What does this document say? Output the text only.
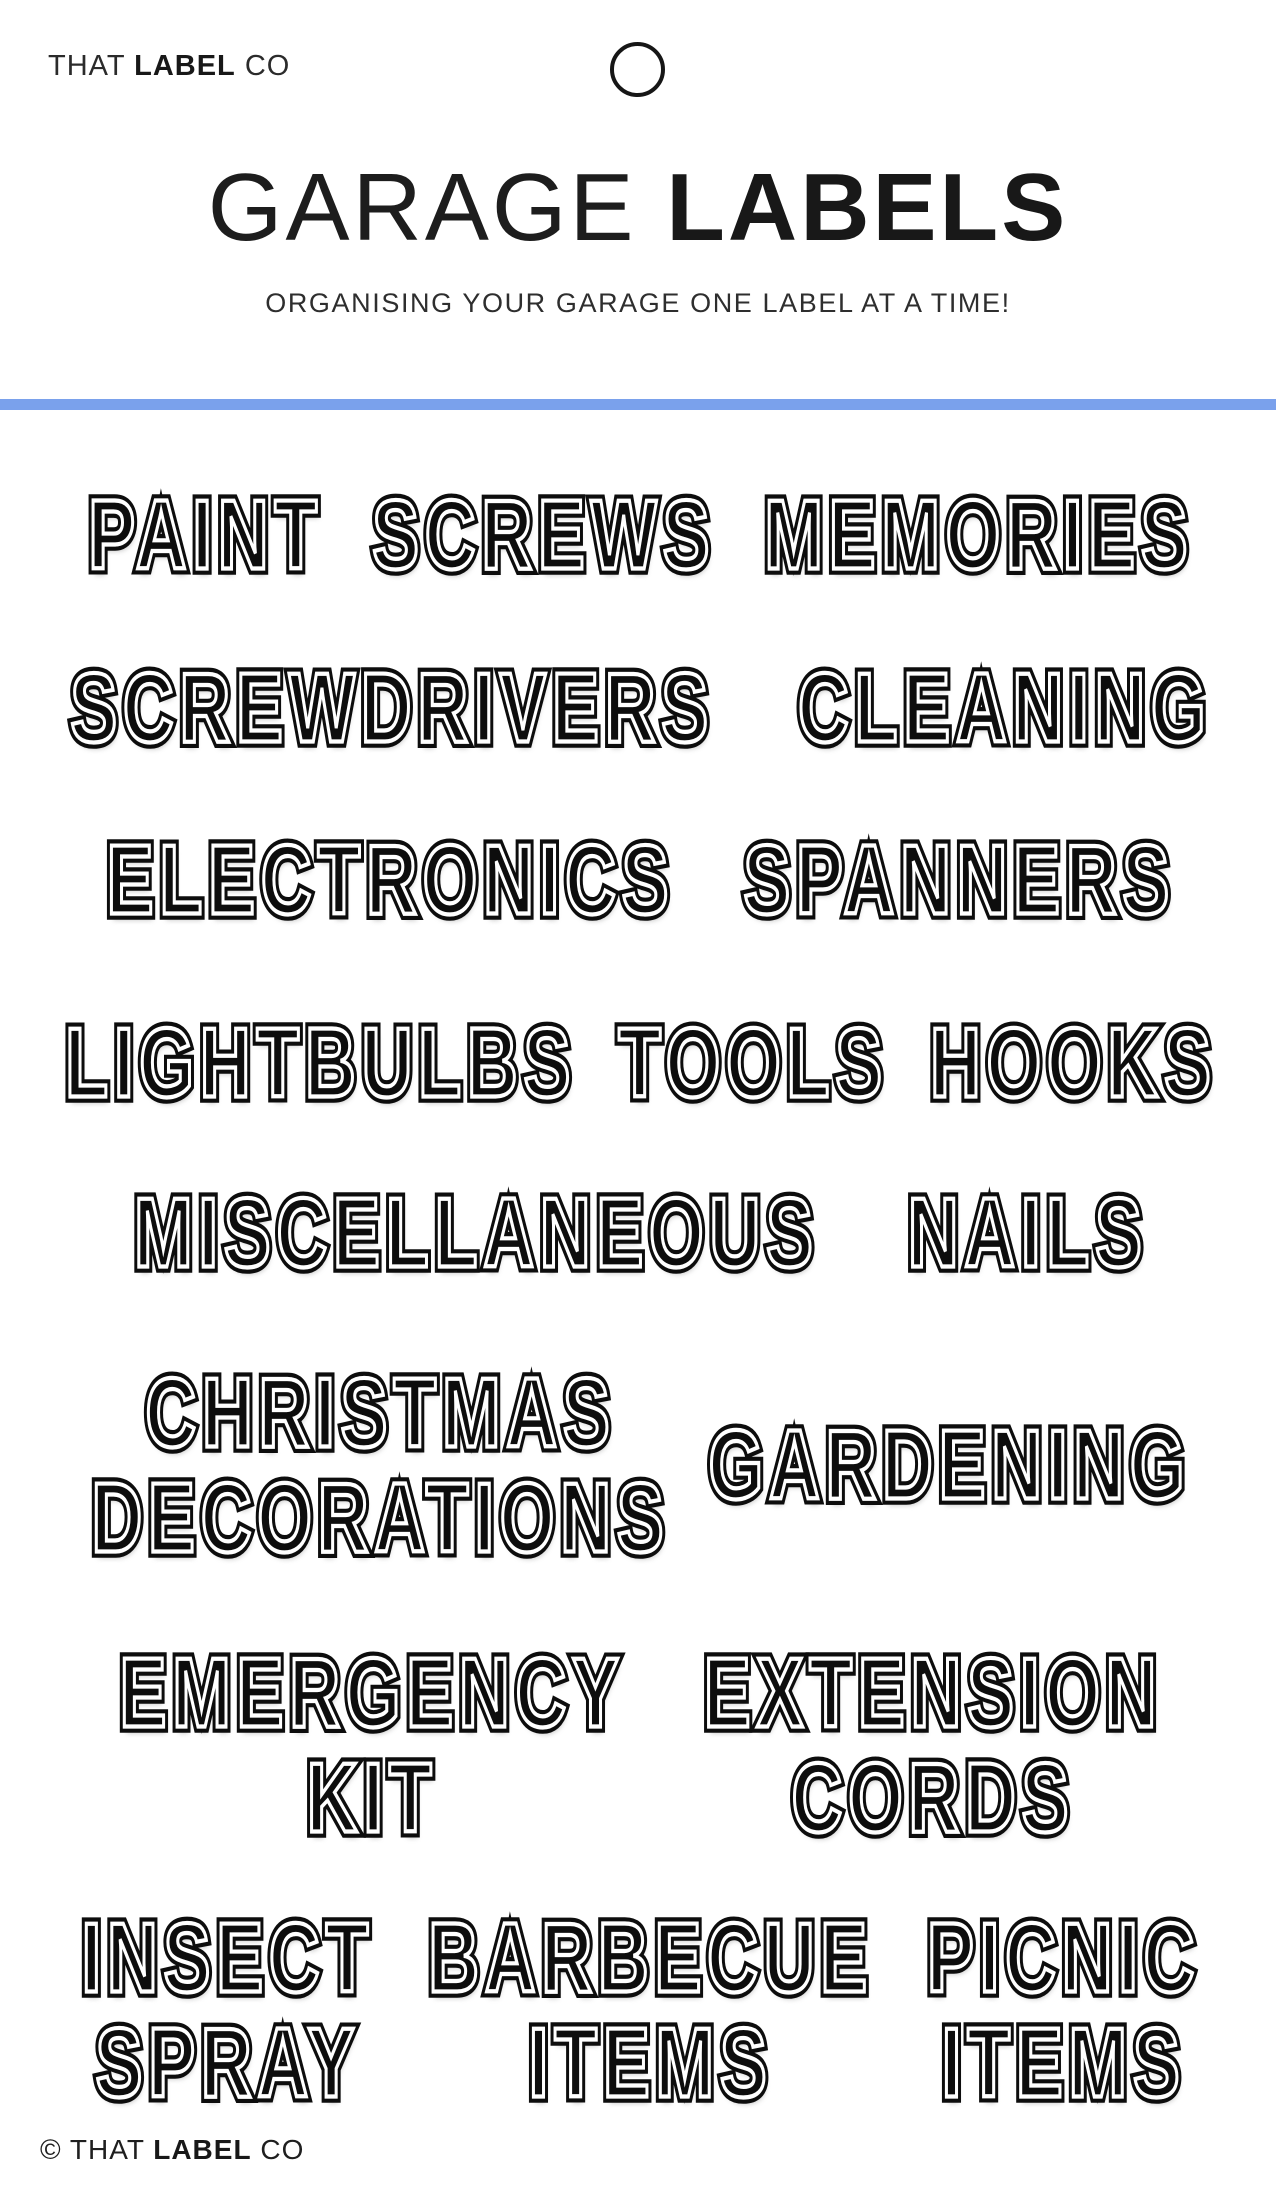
THAT LABEL CO
GARAGE LABELS
ORGANISING YOUR GARAGE ONE LABEL AT A TIME!
PAINT PAINT SCREWS SCREWS MEMORIES MEMORIES
SCREWDRIVERS SCREWDRIVERS CLEANING CLEANING
ELECTRONICS ELECTRONICS SPANNERS SPANNERS
LIGHTBULBS LIGHTBULBS TOOLS TOOLS HOOKS HOOKS
MISCELLANEOUS MISCELLANEOUS NAILS NAILS
CHRISTMAS CHRISTMAS
DECORATIONS DECORATIONS GARDENING GARDENING
EMERGENCY EMERGENCY
KIT KIT
EXTENSION EXTENSION
CORDS CORDS
INSECT INSECT
SPRAY SPRAY
BARBECUE BARBECUE
ITEMS ITEMS
PICNIC PICNIC
ITEMS ITEMS
© THAT LABEL CO
